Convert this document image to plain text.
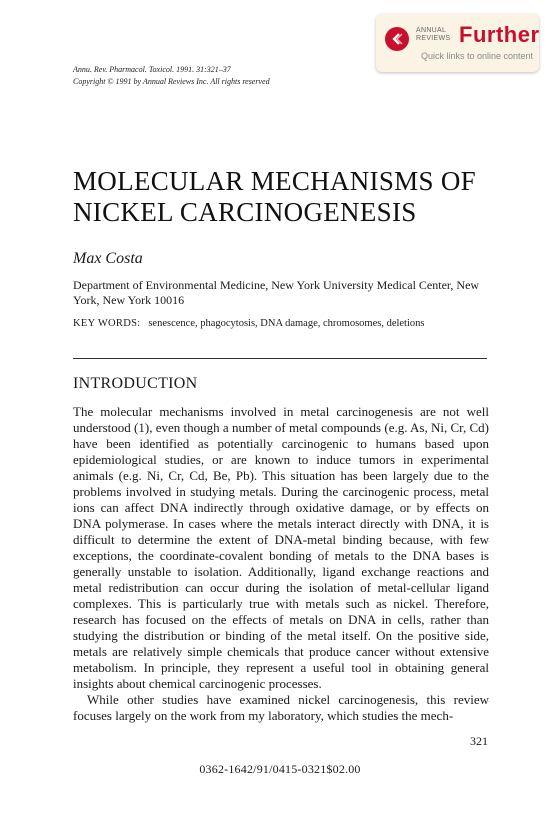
ANNUAL
REVIEWS Further
Quick links to online content
Annu. Rev. Pharmacol. Toxicol. 1991. 31:321–37
Copyright © 1991 by Annual Reviews Inc. All rights reserved
MOLECULAR MECHANISMS OF
NICKEL CARCINOGENESIS
Max Costa
Department of Environmental Medicine, New York University Medical Center, New York, New York 10016
KEY WORDS: senescence, phagocytosis, DNA damage, chromosomes, deletions
INTRODUCTION

The molecular mechanisms involved in metal carcinogenesis are not well understood (1), even though a number of metal compounds (e.g. As, Ni, Cr, Cd) have been identified as potentially carcinogenic to humans based upon epidemiological studies, or are known to induce tumors in experimental animals (e.g. Ni, Cr, Cd, Be, Pb). This situation has been largely due to the problems involved in studying metals. During the carcinogenic process, metal ions can affect DNA indirectly through oxidative damage, or by effects on DNA polymerase. In cases where the metals interact directly with DNA, it is difficult to determine the extent of DNA-metal binding because, with few exceptions, the coordinate-covalent bonding of metals to the DNA bases is generally unstable to isolation. Additionally, ligand exchange reactions and metal redistribution can occur during the isolation of metal-cellular ligand complexes. This is particularly true with metals such as nickel. Therefore, research has focused on the effects of metals on DNA in cells, rather than studying the distribution or binding of the metal itself. On the positive side, metals are relatively simple chemicals that produce cancer without extensive metabolism. In principle, they represent a useful tool in obtaining general insights about chemical carcinogenic processes.

While other studies have examined nickel carcinogenesis, this review focuses largely on the work from my laboratory, which studies the mech-

321
0362-1642/91/0415-0321$02.00
